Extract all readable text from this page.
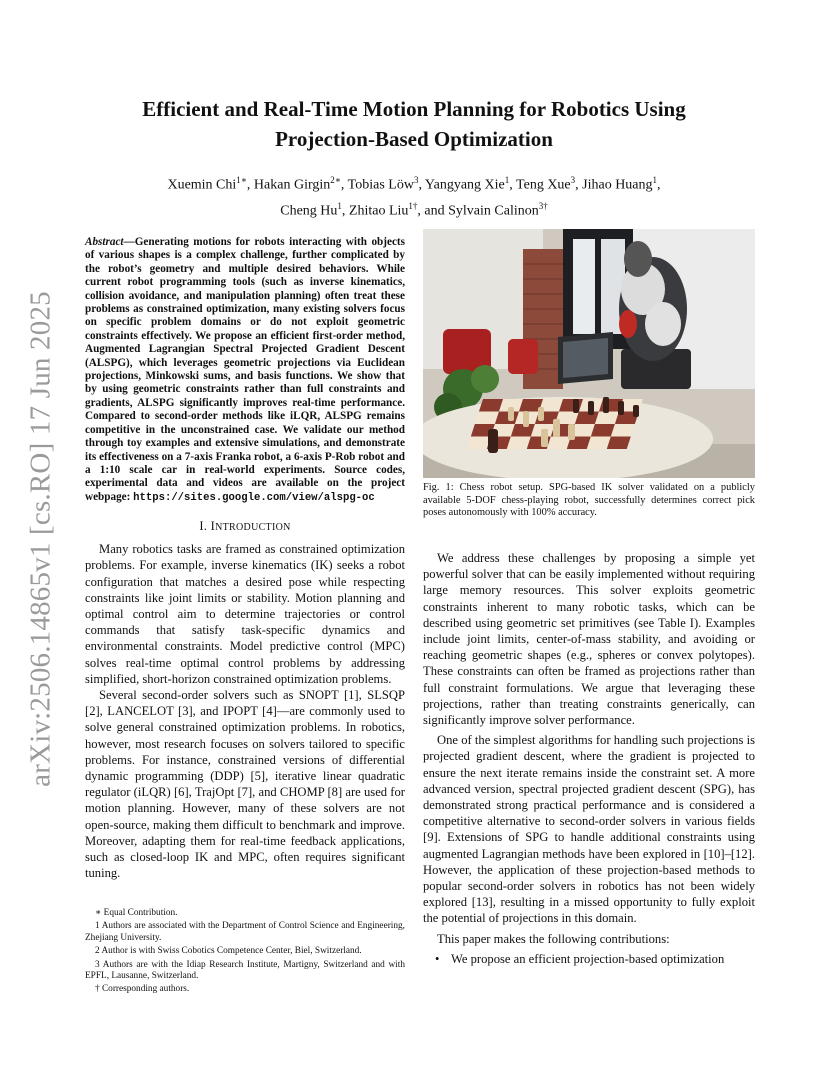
arXiv:2506.14865v1 [cs.RO] 17 Jun 2025
Efficient and Real-Time Motion Planning for Robotics Using Projection-Based Optimization
Xuemin Chi$^{1∗}$, Hakan Girgin$^{2∗}$, Tobias Löw$^3$, Yangyang Xie$^1$, Teng Xue$^3$, Jihao Huang$^1$,
Cheng Hu$^1$, Zhitao Liu$^{1\dagger}$, and Sylvain Calinon$^{3\dagger}$

Abstract—Generating motions for robots interacting with objects of various shapes is a complex challenge, further complicated by the robot’s geometry and multiple desired behaviors. While current robot programming tools (such as inverse kinematics, collision avoidance, and manipulation planning) often treat these problems as constrained optimization, many existing solvers focus on specific problem domains or do not exploit geometric constraints effectively. We propose an efficient first-order method, Augmented Lagrangian Spectral Projected Gradient Descent (ALSPG), which leverages geometric projections via Euclidean projections, Minkowski sums, and basis functions. We show that by using geometric constraints rather than full constraints and gradients, ALSPG significantly improves real-time performance. Compared to second-order methods like iLQR, ALSPG remains competitive in the unconstrained case. We validate our method through toy examples and extensive simulations, and demonstrate its effectiveness on a 7-axis Franka robot, a 6-axis P-Rob robot and a 1:10 scale car in real-world experiments. Source codes, experimental data and videos are available on the project webpage: https://sites.google.com/view/alspg-oc

I. INTRODUCTION

Many robotics tasks are framed as constrained optimization problems. For example, inverse kinematics (IK) seeks a robot configuration that matches a desired pose while respecting constraints like joint limits or stability. Motion planning and optimal control aim to determine trajectories or control commands that satisfy task-specific dynamics and environmental constraints. Model predictive control (MPC) solves real-time optimal control problems by addressing simplified, short-horizon constrained optimization problems.

Several second-order solvers such as SNOPT [1], SLSQP [2], LANCELOT [3], and IPOPT [4]—are commonly used to solve general constrained optimization problems. In robotics, however, most research focuses on solvers tailored to specific problems. For instance, constrained versions of differential dynamic programming (DDP) [5], iterative linear quadratic regulator (iLQR) [6], TrajOpt [7], and CHOMP [8] are used for motion planning. However, many of these solvers are not open-source, making them difficult to benchmark and improve. Moreover, adapting them for real-time feedback applications, such as closed-loop IK and MPC, often requires significant tuning.

∗ Equal Contribution.

1 Authors are associated with the Department of Control Science and Engineering, Zhejiang University.

2 Author is with Swiss Cobotics Competence Center, Biel, Switzerland.

3 Authors are with the Idiap Research Institute, Martigny, Switzerland and with EPFL, Lausanne, Switzerland.

† Corresponding authors.

Fig. 1: Chess robot setup. SPG-based IK solver validated on a publicly available 5-DOF chess-playing robot, successfully determines correct pick poses autonomously with 100% accuracy.

We address these challenges by proposing a simple yet powerful solver that can be easily implemented without requiring large memory resources. This solver exploits geometric constraints inherent to many robotic tasks, which can be described using geometric set primitives (see Table I). Examples include joint limits, center-of-mass stability, and avoiding or reaching geometric shapes (e.g., spheres or convex polytopes). These constraints can often be framed as projections rather than full constraint formulations. We argue that leveraging these projections, rather than treating constraints generically, can significantly improve solver performance.

One of the simplest algorithms for handling such projections is projected gradient descent, where the gradient is projected to ensure the next iterate remains inside the constraint set. A more advanced version, spectral projected gradient descent (SPG), has demonstrated strong practical performance and is considered a competitive alternative to second-order solvers in various fields [9]. Extensions of SPG to handle additional constraints using augmented Lagrangian methods have been explored in [10]–[12]. However, the application of these projection-based methods to popular second-order solvers in robotics has not been widely explored [13], resulting in a missed opportunity to fully exploit the potential of projections in this domain.

This paper makes the following contributions:

• We propose an efficient projection-based optimization
